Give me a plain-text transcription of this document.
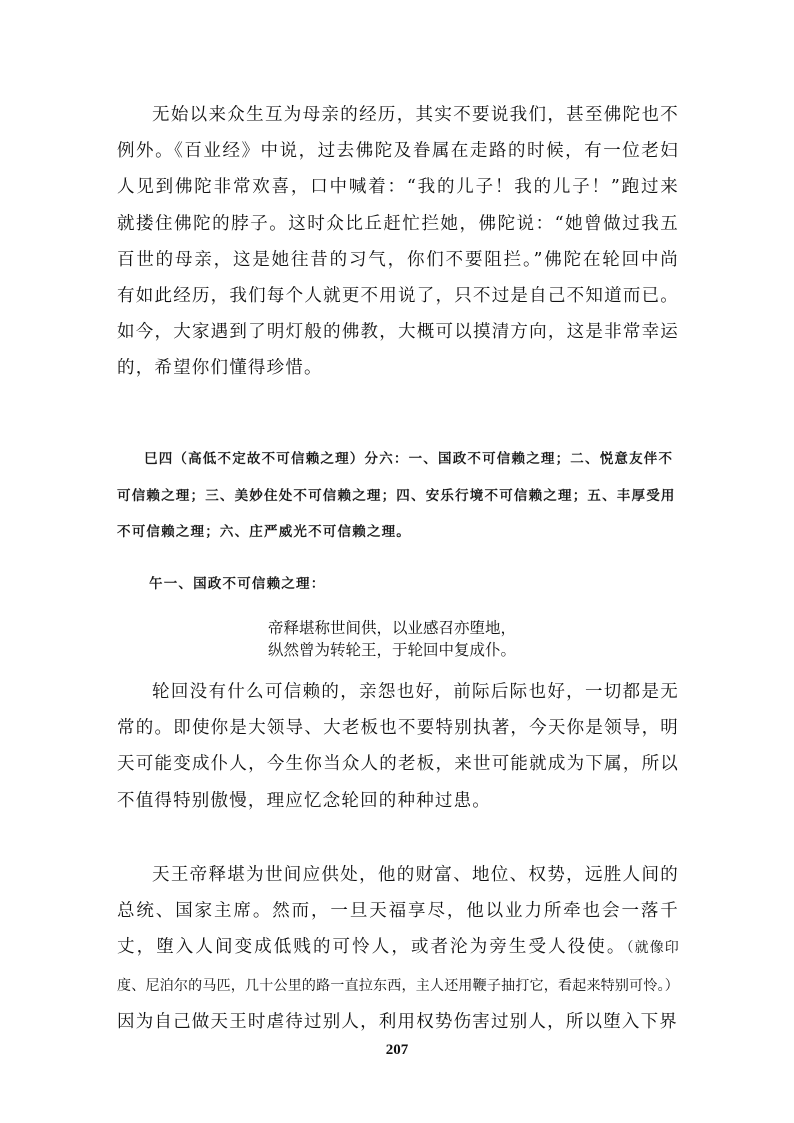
无始以来众生互为母亲的经历，其实不要说我们，甚至佛陀也不例外。《百业经》中说，过去佛陀及眷属在走路的时候，有一位老妇人见到佛陀非常欢喜，口中喊着：“我的儿子！我的儿子！”跑过来就搂住佛陀的脖子。这时众比丘赶忙拦她，佛陀说：“她曾做过我五百世的母亲，这是她往昔的习气，你们不要阻拦。”佛陀在轮回中尚有如此经历，我们每个人就更不用说了，只不过是自己不知道而已。如今，大家遇到了明灯般的佛教，大概可以摸清方向，这是非常幸运的，希望你们懂得珍惜。

巳四（高低不定故不可信赖之理）分六：一、国政不可信赖之理；二、悦意友伴不可信赖之理；三、美妙住处不可信赖之理；四、安乐行境不可信赖之理；五、丰厚受用不可信赖之理；六、庄严威光不可信赖之理。

午一、国政不可信赖之理：

帝释堪称世间供，以业感召亦堕地，
纵然曾为转轮王，于轮回中复成仆。

轮回没有什么可信赖的，亲怨也好，前际后际也好，一切都是无常的。即使你是大领导、大老板也不要特别执著，今天你是领导，明天可能变成仆人，今生你当众人的老板，来世可能就成为下属，所以不值得特别傲慢，理应忆念轮回的种种过患。

天王帝释堪为世间应供处，他的财富、地位、权势，远胜人间的总统、国家主席。然而，一旦天福享尽，他以业力所牵也会一落千丈，堕入人间变成低贱的可怜人，或者沦为旁生受人役使。（就像印度、尼泊尔的马匹，几十公里的路一直拉东西，主人还用鞭子抽打它，看起来特别可怜。）因为自己做天王时虐待过别人，利用权势伤害过别人，所以堕入下界

207
